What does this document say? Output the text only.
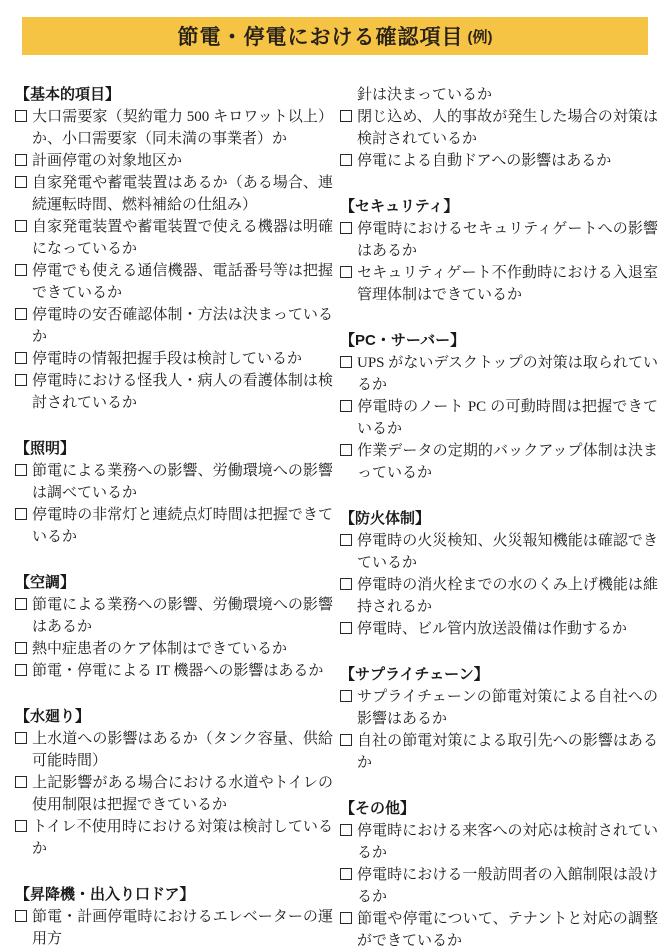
節電・停電における確認項目 (例)
【基本的項目】
大口需要家（契約電力 500 キロワット以上）か、小口需要家（同未満の事業者）か
計画停電の対象地区か
自家発電や蓄電装置はあるか（ある場合、連続運転時間、燃料補給の仕組み）
自家発電装置や蓄電装置で使える機器は明確になっているか
停電でも使える通信機器、電話番号等は把握できているか
停電時の安否確認体制・方法は決まっているか
停電時の情報把握手段は検討しているか
停電時における怪我人・病人の看護体制は検討されているか
【照明】
節電による業務への影響、労働環境への影響は調べているか
停電時の非常灯と連続点灯時間は把握できているか
【空調】
節電による業務への影響、労働環境への影響はあるか
熱中症患者のケア体制はできているか
節電・停電による IT 機器への影響はあるか
【水廻り】
上水道への影響はあるか（タンク容量、供給可能時間）
上記影響がある場合における水道やトイレの使用制限は把握できているか
トイレ不使用時における対策は検討しているか
【昇降機・出入り口ドア】
節電・計画停電時におけるエレベーターの運用方
針は決まっているか
閉じ込め、人的事故が発生した場合の対策は検討されているか
停電による自動ドアへの影響はあるか
【セキュリティ】
停電時におけるセキュリティゲートへの影響はあるか
セキュリティゲート不作動時における入退室管理体制はできているか
【PC・サーバー】
UPS がないデスクトップの対策は取られているか
停電時のノート PC の可動時間は把握できているか
作業データの定期的バックアップ体制は決まっているか
【防火体制】
停電時の火災検知、火災報知機能は確認できているか
停電時の消火栓までの水のくみ上げ機能は維持されるか
停電時、ビル管内放送設備は作動するか
【サプライチェーン】
サプライチェーンの節電対策による自社への影響はあるか
自社の節電対策による取引先への影響はあるか
【その他】
停電時における来客への対応は検討されているか
停電時における一般訪問者の入館制限は設けるか
節電や停電について、テナントと対応の調整ができているか
